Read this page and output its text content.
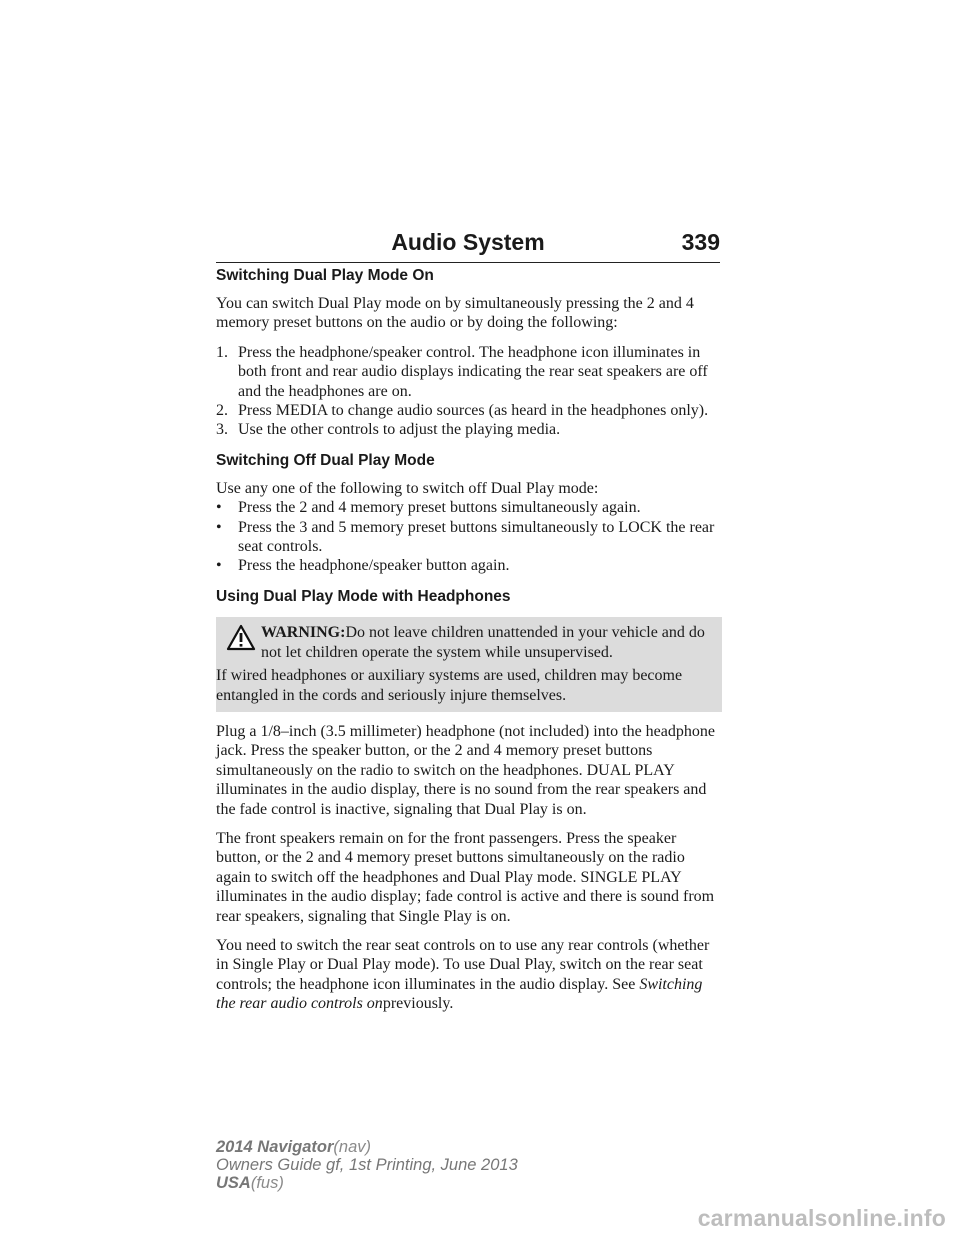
Audio System	339
Switching Dual Play Mode On

You can switch Dual Play mode on by simultaneously pressing the 2 and 4 memory preset buttons on the audio or by doing the following:

1. Press the headphone/speaker control. The headphone icon illuminates in both front and rear audio displays indicating the rear seat speakers are off and the headphones are on.
2. Press MEDIA to change audio sources (as heard in the headphones only).
3. Use the other controls to adjust the playing media.
Switching Off Dual Play Mode

Use any one of the following to switch off Dual Play mode:

• Press the 2 and 4 memory preset buttons simultaneously again.
• Press the 3 and 5 memory preset buttons simultaneously to LOCK the rear seat controls.
• Press the headphone/speaker button again.
Using Dual Play Mode with Headphones
WARNING:Do not leave children unattended in your vehicle and do not let children operate the system while unsupervised.
If wired headphones or auxiliary systems are used, children may become entangled in the cords and seriously injure themselves.

Plug a 1/8–inch (3.5 millimeter) headphone (not included) into the headphone jack. Press the speaker button, or the 2 and 4 memory preset buttons simultaneously on the radio to switch on the headphones. DUAL PLAY illuminates in the audio display, there is no sound from the rear speakers and the fade control is inactive, signaling that Dual Play is on.

The front speakers remain on for the front passengers. Press the speaker button, or the 2 and 4 memory preset buttons simultaneously on the radio again to switch off the headphones and Dual Play mode. SINGLE PLAY illuminates in the audio display; fade control is active and there is sound from rear speakers, signaling that Single Play is on.

You need to switch the rear seat controls on to use any rear controls (whether in Single Play or Dual Play mode). To use Dual Play, switch on the rear seat controls; the headphone icon illuminates in the audio display. See Switching the rear audio controls onpreviously.

2014 Navigator(nav)
Owners Guide gf, 1st Printing, June 2013
USA(fus)
carmanualsonline.info
